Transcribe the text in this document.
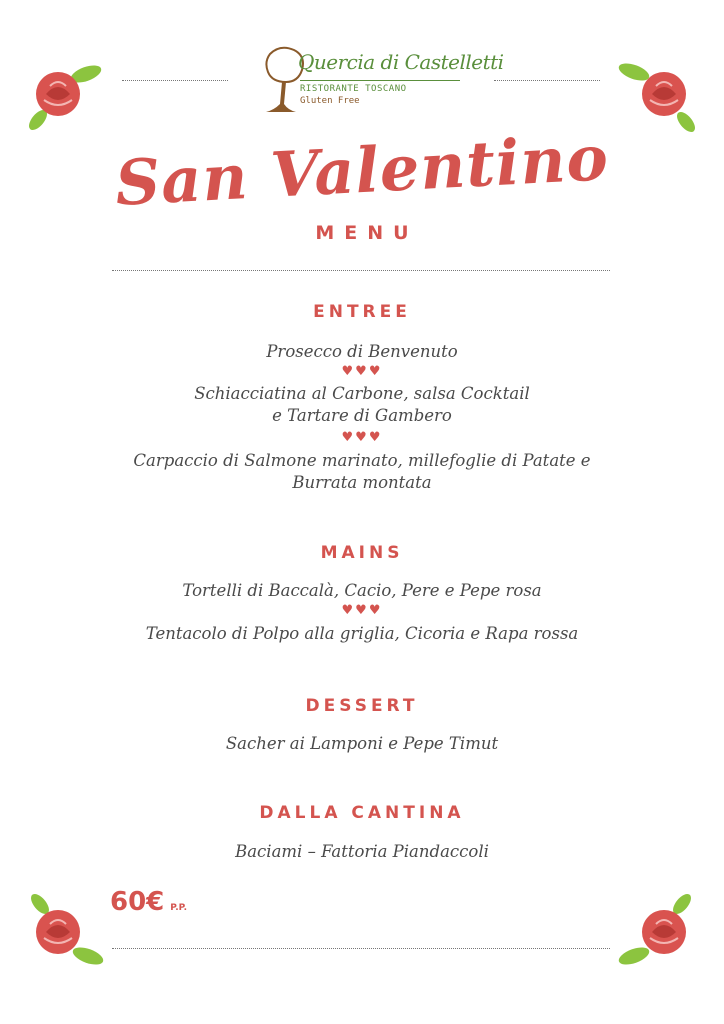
Quercia di Castelletti
RISTORANTE TOSCANO
Gluten Free
San Valentino
MENU
ENTREE
Prosecco di Benvenuto
♥♥♥
Schiacciatina al Carbone, salsa Cocktail
e Tartare di Gambero
♥♥♥
Carpaccio di Salmone marinato, millefoglie di Patate e
Burrata montata
MAINS
Tortelli di Baccalà, Cacio, Pere e Pepe rosa
♥♥♥
Tentacolo di Polpo alla griglia, Cicoria e Rapa rossa
DESSERT
Sacher ai Lamponi e Pepe Timut
DALLA CANTINA
Baciami – Fattoria Piandaccoli
60€ P.P.
